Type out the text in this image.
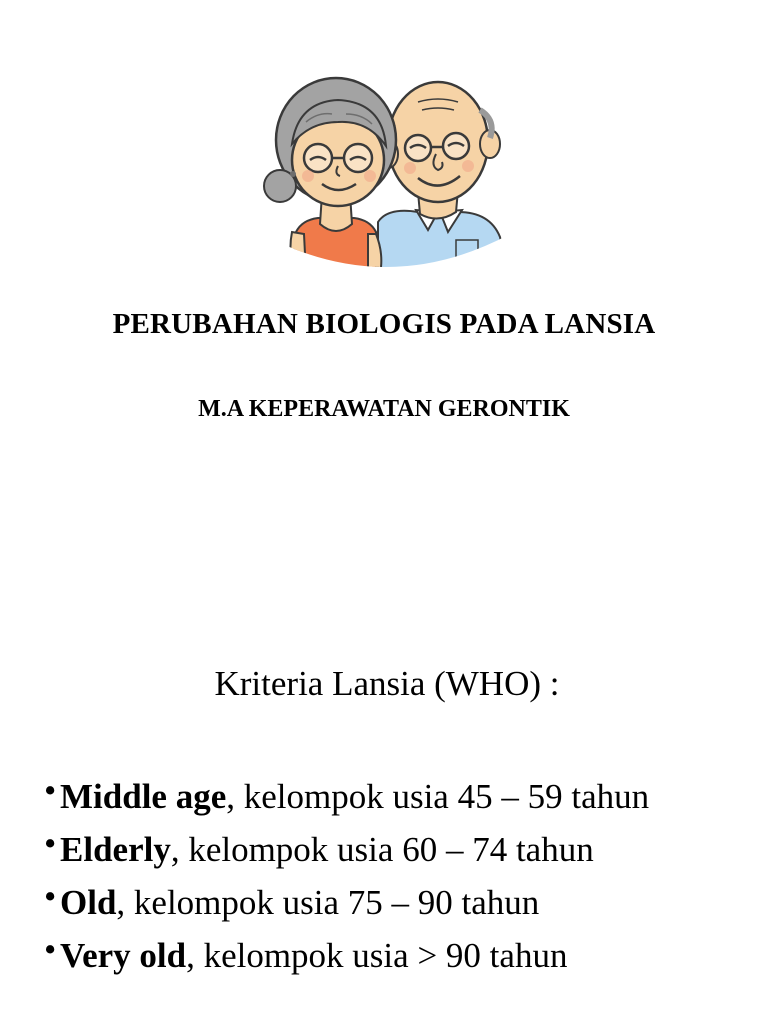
PERUBAHAN BIOLOGIS PADA LANSIA
M.A KEPERAWATAN GERONTIK
Kriteria Lansia (WHO) :
• Middle age, kelompok usia 45 – 59 tahun
• Elderly, kelompok usia 60 – 74 tahun
• Old, kelompok usia 75 – 90 tahun
• Very old, kelompok usia > 90 tahun
